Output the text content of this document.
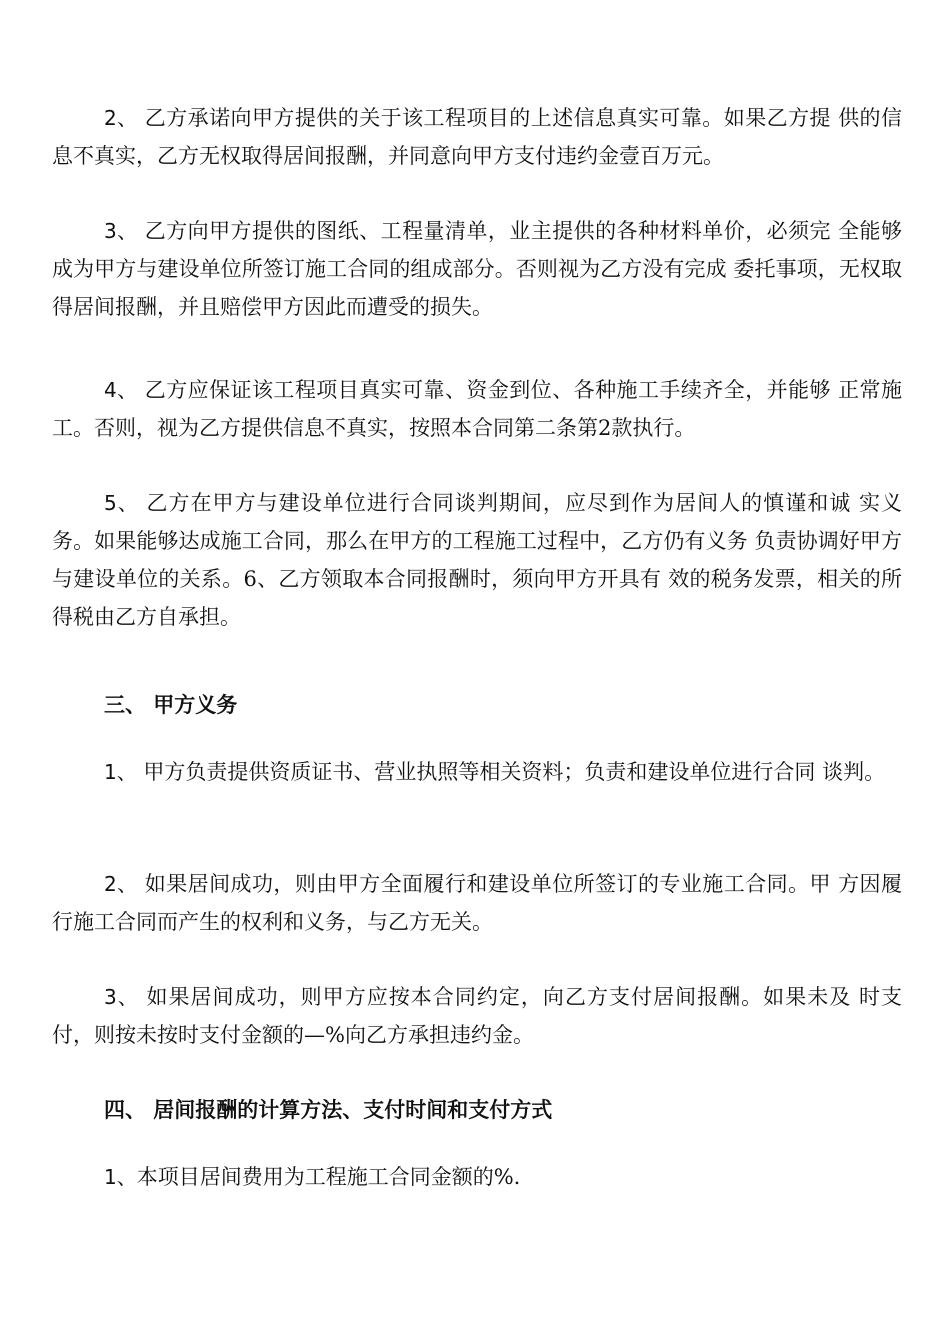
2、 乙方承诺向甲方提供的关于该工程项目的上述信息真实可靠。如果乙方提 供的信息不真实，乙方无权取得居间报酬，并同意向甲方支付违约金壹百万元。

3、 乙方向甲方提供的图纸、工程量清单，业主提供的各种材料单价，必须完 全能够成为甲方与建设单位所签订施工合同的组成部分。否则视为乙方没有完成 委托事项，无权取得居间报酬，并且赔偿甲方因此而遭受的损失。

4、 乙方应保证该工程项目真实可靠、资金到位、各种施工手续齐全，并能够 正常施工。否则，视为乙方提供信息不真实，按照本合同第二条第2款执行。

5、 乙方在甲方与建设单位进行合同谈判期间，应尽到作为居间人的慎谨和诚 实义务。如果能够达成施工合同，那么在甲方的工程施工过程中，乙方仍有义务 负责协调好甲方与建设单位的关系。6、乙方领取本合同报酬时，须向甲方开具有 效的税务发票，相关的所得税由乙方自承担。

三、 甲方义务

1、 甲方负责提供资质证书、营业执照等相关资料；负责和建设单位进行合同 谈判。

2、 如果居间成功，则由甲方全面履行和建设单位所签订的专业施工合同。甲 方因履行施工合同而产生的权利和义务，与乙方无关。

3、 如果居间成功，则甲方应按本合同约定，向乙方支付居间报酬。如果未及 时支付，则按未按时支付金额的—%向乙方承担违约金。

四、 居间报酬的计算方法、支付时间和支付方式

1、本项目居间费用为工程施工合同金额的%.
